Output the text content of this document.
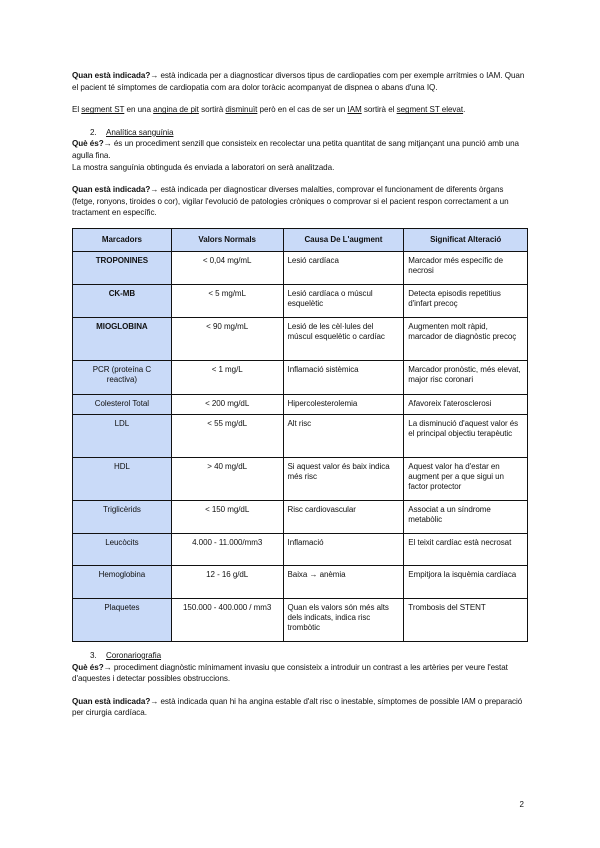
Quan està indicada?→ està indicada per a diagnosticar diversos tipus de cardiopaties com per exemple arrítmies o IAM. Quan el pacient té símptomes de cardiopatia com ara dolor toràcic acompanyat de dispnea o abans d'una IQ.

El segment ST en una angina de pit sortirà disminuït però en el cas de ser un IAM sortirà el segment ST elevat.

2. Analítica sanguínia

Què és?→ és un procediment senzill que consisteix en recolectar una petita quantitat de sang mitjançant una punció amb una agulla fina.

La mostra sanguínia obtinguda és enviada a laboratori on serà analitzada.

Quan està indicada?→ està indicada per diagnosticar diverses malalties, comprovar el funcionament de diferents òrgans (fetge, ronyons, tiroides o cor), vigilar l'evolució de patologies cròniques o comprovar si el pacient respon correctament a un tractament en específic.

Marcadors	Valors Normals	Causa De L'augment	Significat Alteració
TROPONINES	< 0,04 mg/mL	Lesió cardíaca	Marcador més específic de necrosi
CK-MB	< 5 mg/mL	Lesió cardíaca o múscul esquelètic	Detecta episodis repetitius d'infart precoç
MIOGLOBINA	< 90 mg/mL	Lesió de les cèl·lules del múscul esquelètic o cardíac	Augmenten molt ràpid, marcador de diagnòstic precoç
PCR (proteína C reactiva)	< 1 mg/L	Inflamació sistèmica	Marcador pronòstic, més elevat, major risc coronari
Colesterol Total	< 200 mg/dL	Hipercolesterolemia	Afavoreix l'aterosclerosi
LDL	< 55 mg/dL	Alt risc	La disminució d'aquest valor és el principal objectiu terapèutic
HDL	> 40 mg/dL	Si aquest valor és baix indica més risc	Aquest valor ha d'estar en augment per a que sigui un factor protector
Triglicèrids	< 150 mg/dL	Risc cardiovascular	Associat a un síndrome metabòlic
Leucòcits	4.000 - 11.000/mm3	Inflamació	El teixit cardíac està necrosat
Hemoglobina	12 - 16 g/dL	Baixa → anèmia	Empitjora la isquèmia cardíaca
Plaquetes	150.000 - 400.000 / mm3	Quan els valors són més alts dels indicats, indica risc trombòtic	Trombosis del STENT

3. Coronariografia

Què és?→ procediment diagnòstic mínimament invasiu que consisteix a introduir un contrast a les artèries per veure l'estat d'aquestes i detectar possibles obstruccions.

Quan està indicada?→ està indicada quan hi ha angina estable d'alt risc o inestable, símptomes de possible IAM o preparació per cirurgia cardíaca.

2
